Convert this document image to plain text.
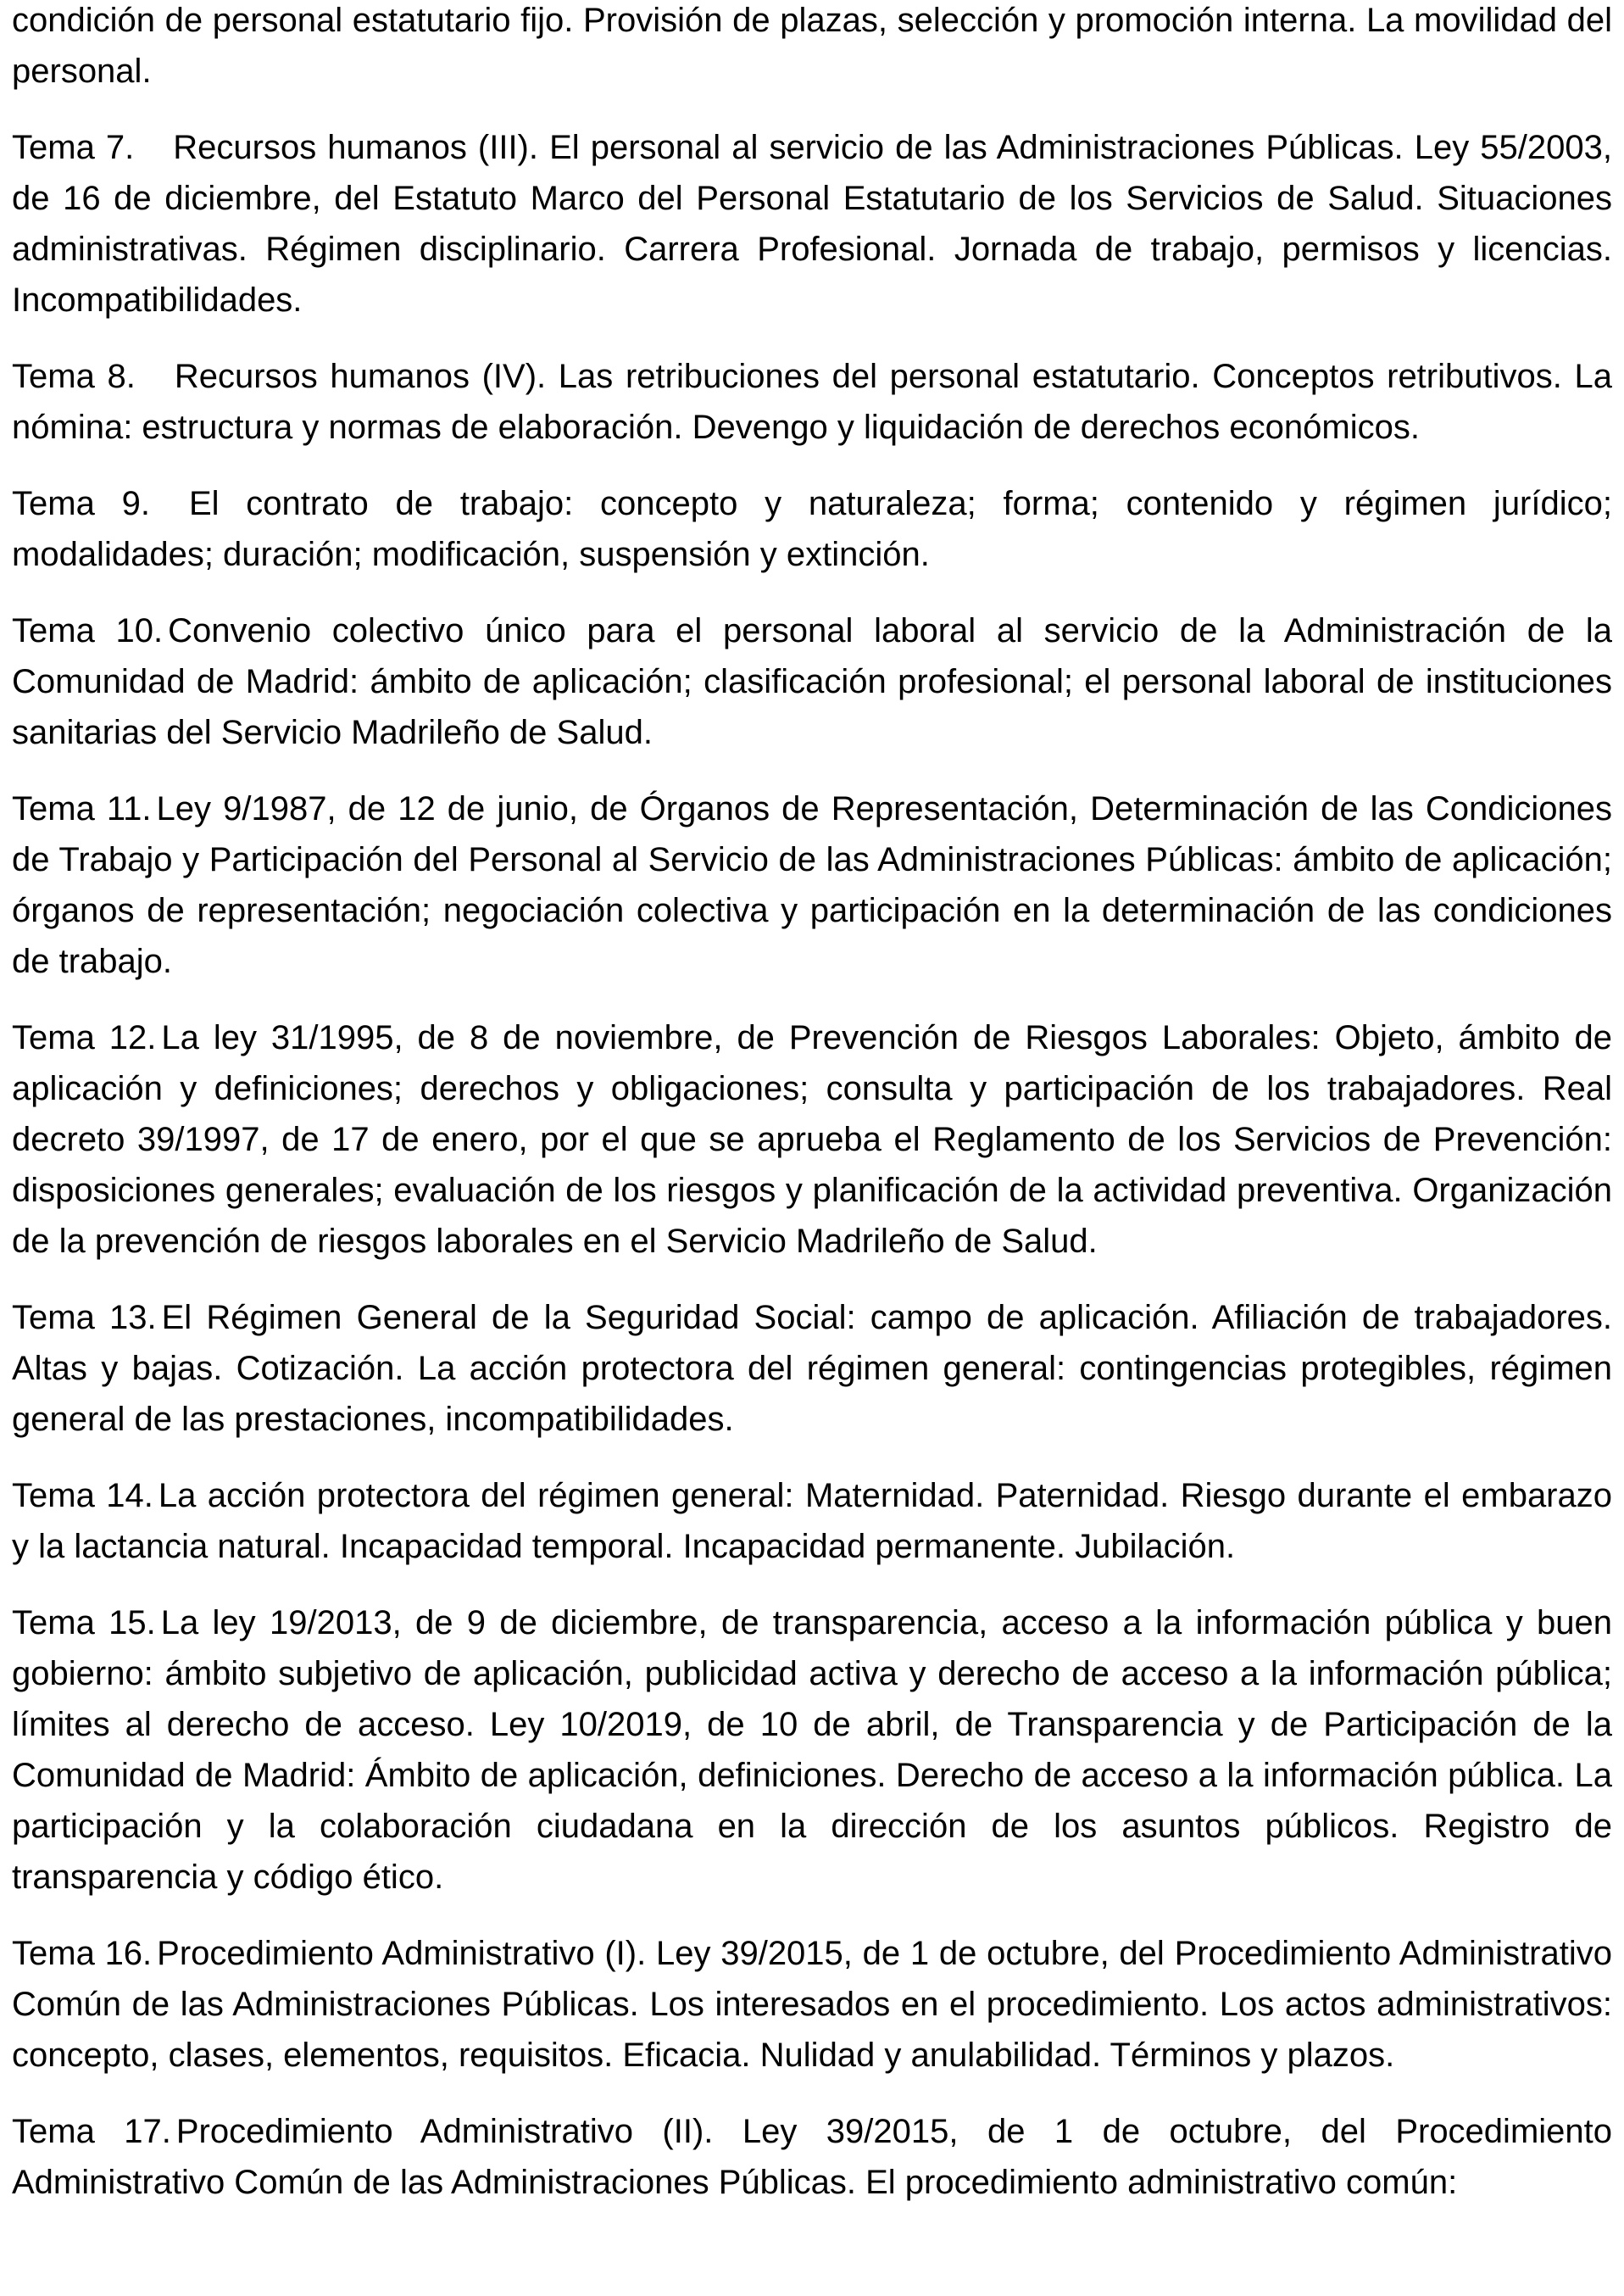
condición de personal estatutario fijo. Provisión de plazas, selección y promoción interna. La movilidad del personal.

Tema 7. Recursos humanos (III). El personal al servicio de las Administraciones Públicas. Ley 55/2003, de 16 de diciembre, del Estatuto Marco del Personal Estatutario de los Servicios de Salud. Situaciones administrativas. Régimen disciplinario. Carrera Profesional. Jornada de trabajo, permisos y licencias. Incompatibilidades.

Tema 8. Recursos humanos (IV). Las retribuciones del personal estatutario. Conceptos retributivos. La nómina: estructura y normas de elaboración. Devengo y liquidación de derechos económicos.

Tema 9. El contrato de trabajo: concepto y naturaleza; forma; contenido y régimen jurídico; modalidades; duración; modificación, suspensión y extinción.

Tema 10. Convenio colectivo único para el personal laboral al servicio de la Administración de la Comunidad de Madrid: ámbito de aplicación; clasificación profesional; el personal laboral de instituciones sanitarias del Servicio Madrileño de Salud.

Tema 11. Ley 9/1987, de 12 de junio, de Órganos de Representación, Determinación de las Condiciones de Trabajo y Participación del Personal al Servicio de las Administraciones Públicas: ámbito de aplicación; órganos de representación; negociación colectiva y participación en la determinación de las condiciones de trabajo.

Tema 12. La ley 31/1995, de 8 de noviembre, de Prevención de Riesgos Laborales: Objeto, ámbito de aplicación y definiciones; derechos y obligaciones; consulta y participación de los trabajadores. Real decreto 39/1997, de 17 de enero, por el que se aprueba el Reglamento de los Servicios de Prevención: disposiciones generales; evaluación de los riesgos y planificación de la actividad preventiva. Organización de la prevención de riesgos laborales en el Servicio Madrileño de Salud.

Tema 13. El Régimen General de la Seguridad Social: campo de aplicación. Afiliación de trabajadores. Altas y bajas. Cotización. La acción protectora del régimen general: contingencias protegibles, régimen general de las prestaciones, incompatibilidades.

Tema 14. La acción protectora del régimen general: Maternidad. Paternidad. Riesgo durante el embarazo y la lactancia natural. Incapacidad temporal. Incapacidad permanente. Jubilación.

Tema 15. La ley 19/2013, de 9 de diciembre, de transparencia, acceso a la información pública y buen gobierno: ámbito subjetivo de aplicación, publicidad activa y derecho de acceso a la información pública; límites al derecho de acceso. Ley 10/2019, de 10 de abril, de Transparencia y de Participación de la Comunidad de Madrid: Ámbito de aplicación, definiciones. Derecho de acceso a la información pública. La participación y la colaboración ciudadana en la dirección de los asuntos públicos. Registro de transparencia y código ético.

Tema 16. Procedimiento Administrativo (I). Ley 39/2015, de 1 de octubre, del Procedimiento Administrativo Común de las Administraciones Públicas. Los interesados en el procedimiento. Los actos administrativos: concepto, clases, elementos, requisitos. Eficacia. Nulidad y anulabilidad. Términos y plazos.

Tema 17. Procedimiento Administrativo (II). Ley 39/2015, de 1 de octubre, del Procedimiento Administrativo Común de las Administraciones Públicas. El procedimiento administrativo común:
